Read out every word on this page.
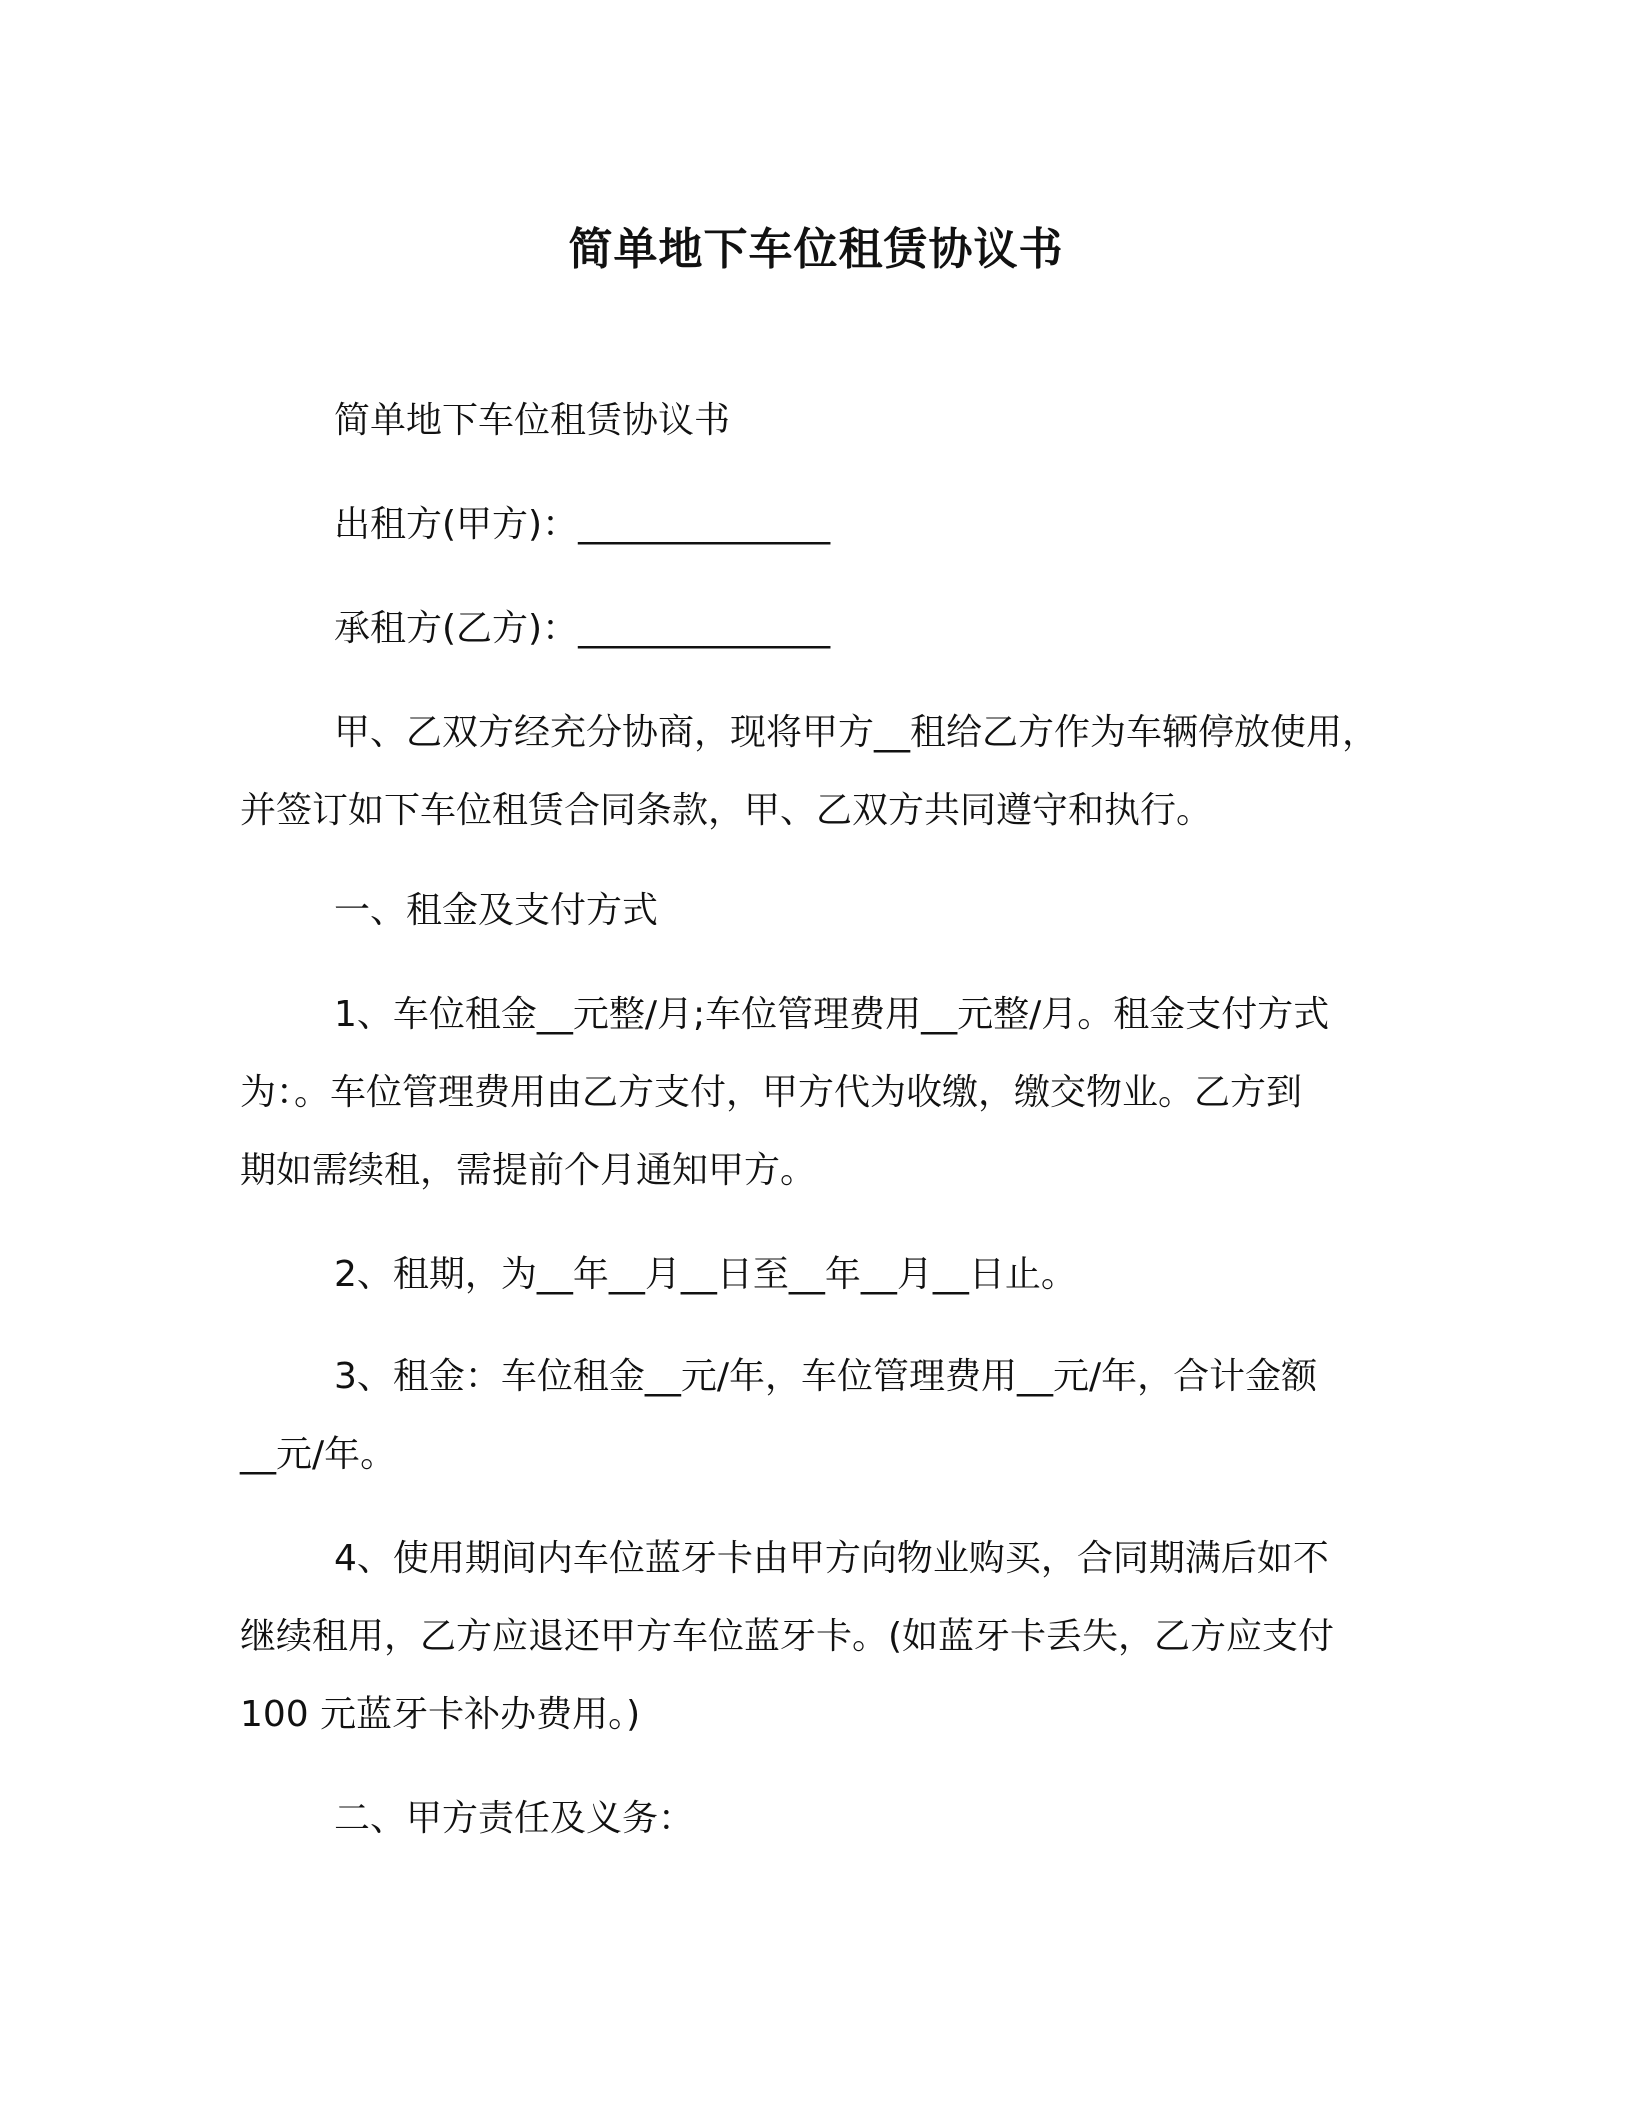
简单地下车位租赁协议书
简单地下车位租赁协议书
出租方(甲方)：______________
承租方(乙方)：______________
甲、乙双方经充分协商，现将甲方__租给乙方作为车辆停放使用，
并签订如下车位租赁合同条款，甲、乙双方共同遵守和执行。
一、租金及支付方式
1、车位租金__元整/月;车位管理费用__元整/月。租金支付方式
为：。车位管理费用由乙方支付，甲方代为收缴，缴交物业。乙方到
期如需续租，需提前个月通知甲方。
2、租期，为__年__月__日至__年__月__日止。
3、租金：车位租金__元/年，车位管理费用__元/年，合计金额
__元/年。
4、使用期间内车位蓝牙卡由甲方向物业购买，合同期满后如不
继续租用，乙方应退还甲方车位蓝牙卡。(如蓝牙卡丢失，乙方应支付
100 元蓝牙卡补办费用。)
二、甲方责任及义务：
